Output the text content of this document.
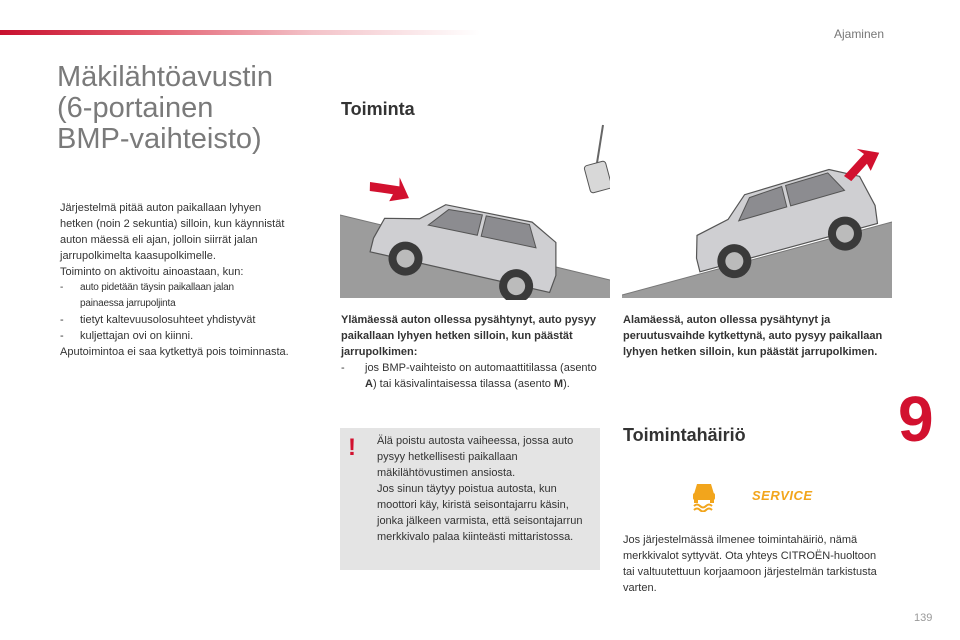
Ajaminen
9
Mäkilähtöavustin
(6-portainen
BMP-vaihteisto)

Järjestelmä pitää auton paikallaan lyhyen

hetken (noin 2 sekuntia) silloin, kun käynnistät

auton mäessä eli ajan, jolloin siirrät jalan

jarrupolkimelta kaasupolkimelle.

Toiminto on aktivoitu ainoastaan, kun:

- auto pidetään täysin paikallaan jalan
painaessa jarrupoljinta
- tietyt kaltevuusolosuhteet yhdistyvät
- kuljettajan ovi on kiinni.

Aputoimintoa ei saa kytkettyä pois toiminnasta.

Toiminta
Ylämäessä auton ollessa pysähtynyt, auto pysyy paikallaan lyhyen hetken silloin, kun päästät jarrupolkimen:
- jos BMP-vaihteisto on automaattitilassa (asento A) tai käsivalintaisessa tilassa (asento M).
Alamäessä, auton ollessa pysähtynyt ja peruutusvaihde kytkettynä, auto pysyy paikallaan lyhyen hetken silloin, kun päästät jarrupolkimen.
! Älä poistu autosta vaiheessa, jossa auto pysyy hetkellisesti paikallaan mäkilähtövustimen ansiosta.

Jos sinun täytyy poistua autosta, kun moottori käy, kiristä seisontajarru käsin, jonka jälkeen varmista, että seisontajarrun merkkivalo palaa kiinteästi mittaristossa.

Toimintahäiriö
SERVICE
Jos järjestelmässä ilmenee toimintahäiriö, nämä merkkivalot syttyvät. Ota yhteys CITROËN-huoltoon tai valtuutettuun korjaamoon järjestelmän tarkistusta varten.
139
